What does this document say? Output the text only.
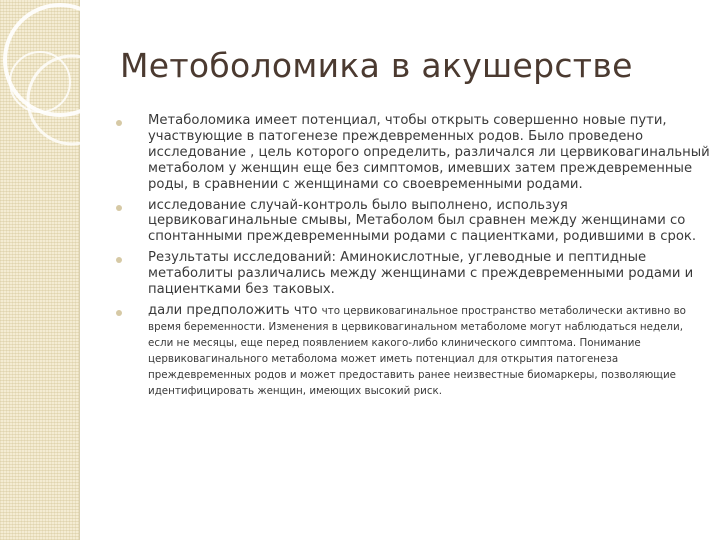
Метоболомика в акушерстве
Метаболомика имеет потенциал, чтобы открыть совершенно новые пути, участвующие в патогенезе преждевременных родов. Было проведено исследование , цель которого определить, различался ли цервиковагинальный метаболом у женщин еще без симптомов, имевших затем преждевременные роды, в сравнении с женщинами со своевременными родами.
исследование случай-контроль было выполнено, используя цервиковагинальные смывы, Метаболом был сравнен между женщинами со спонтанными преждевременными родами с пациентками, родившими в срок.
Результаты исследований: Аминокислотные, углеводные и пептидные метаболиты различались между женщинами с преждевременными родами и пациентками без таковых.
дали предположить что что цервиковагинальное пространство метаболически активно во время беременности. Изменения в цервиковагинальном метаболоме могут наблюдаться недели, если не месяцы, еще перед появлением какого-либо клинического симптома. Понимание цервиковагинального метаболома может иметь потенциал для открытия патогенеза преждевременных родов и может предоставить ранее неизвестные биомаркеры, позволяющие идентифицировать женщин, имеющих высокий риск.
